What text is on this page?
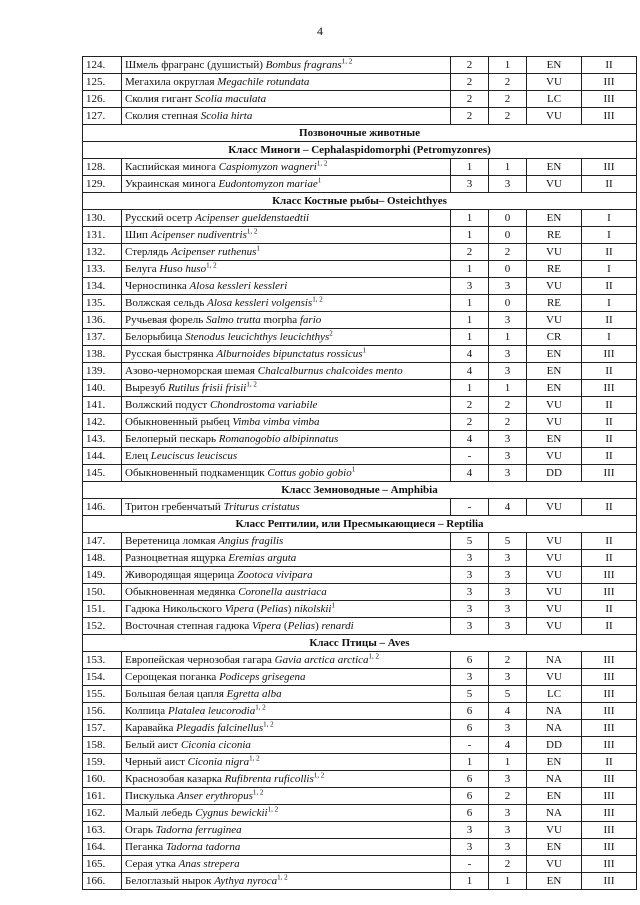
4
124.	Шмель фрагранс (душистый) Bombus fragrans$^{1, 2}$	2	1	EN	II
125.	Мегахила округлая Megachile rotundata	2	2	VU	III
126.	Сколия гигант Scolia maculata	2	2	LC	III
127.	Сколия степная Scolia hirta	2	2	VU	III
Позвоночные животные					
Класс Миноги – Cephalaspidomorphi (Petromyzonres)					
128.	Каспийская минога Caspiomyzon wagneri$^{1, 2}$	1	1	EN	III
129.	Украинская минога Eudontomyzon mariae$^1$	3	3	VU	II
Класс Костные рыбы– Osteichthyes					
130.	Русский осетр Acipenser gueldenstaedtii	1	0	EN	I
131.	Шип Acipenser nudiventris$^{1, 2}$	1	0	RE	I
132.	Стерлядь Acipenser ruthenus$^1$	2	2	VU	II
133.	Белуга Huso huso$^{1, 2}$	1	0	RE	I
134.	Черноспинка Alosa kessleri kessleri	3	3	VU	II
135.	Волжская сельдь Alosa kessleri volgensis$^{1, 2}$	1	0	RE	I
136.	Ручьевая форель Salmo trutta morpha fario	1	3	VU	II
137.	Белорыбица Stenodus leucichthys leucichthys$^2$	1	1	CR	I
138.	Русская быстрянка Alburnoides bipunctatus rossicus$^1$	4	3	EN	III
139.	Азово-черноморская шемая Chalcalburnus chalcoides mento	4	3	EN	II
140.	Вырезуб Rutilus frisii frisii$^{1, 2}$	1	1	EN	III
141.	Волжский подуст Chondrostoma variabile	2	2	VU	II
142.	Обыкновенный рыбец Vimba vimba vimba	2	2	VU	II
143.	Белоперый пескарь Romanogobio albipinnatus	4	3	EN	II
144.	Елец Leuciscus leuciscus	-	3	VU	II
145.	Обыкновенный подкаменщик Cottus gobio gobio$^1$	4	3	DD	III
Класс Земноводные – Amphibia					
146.	Тритон гребенчатый Triturus cristatus	-	4	VU	II
Класс Рептилии, или Пресмыкающиеся – Reptilia					
147.	Веретеница ломкая Angius fragilis	5	5	VU	II
148.	Разноцветная ящурка Eremias arguta	3	3	VU	II
149.	Живородящая ящерица Zootoca vivipara	3	3	VU	III
150.	Обыкновенная медянка Coronella austriaca	3	3	VU	III
151.	Гадюка Никольского Vipera (Pelias) nikolskii$^1$	3	3	VU	II
152.	Восточная степная гадюка Vipera (Pelias) renardi	3	3	VU	II
Класс Птицы – Aves					
153.	Европейская чернозобая гагара Gavia arctica arctica$^{1, 2}$	6	2	NA	III
154.	Серощекая поганка Podiceps grisegena	3	3	VU	III
155.	Большая белая цапля Egretta alba	5	5	LC	III
156.	Колпица Platalea leucorodia$^{1, 2}$	6	4	NA	III
157.	Каравайка Plegadis falcinellus$^{1, 2}$	6	3	NA	III
158.	Белый аист Ciconia ciconia	-	4	DD	III
159.	Черный аист Ciconia nigra$^{1, 2}$	1	1	EN	II
160.	Краснозобая казарка Rufibrenta ruficollis$^{1, 2}$	6	3	NA	III
161.	Пискулька Anser erythropus$^{1, 2}$	6	2	EN	III
162.	Малый лебедь Cygnus bewickii$^{1, 2}$	6	3	NA	III
163.	Огарь Tadorna ferruginea	3	3	VU	III
164.	Пеганка Tadorna tadorna	3	3	EN	III
165.	Серая утка Anas strepera	-	2	VU	III
166.	Белоглазый нырок Aythya nyroca$^{1, 2}$	1	1	EN	III
